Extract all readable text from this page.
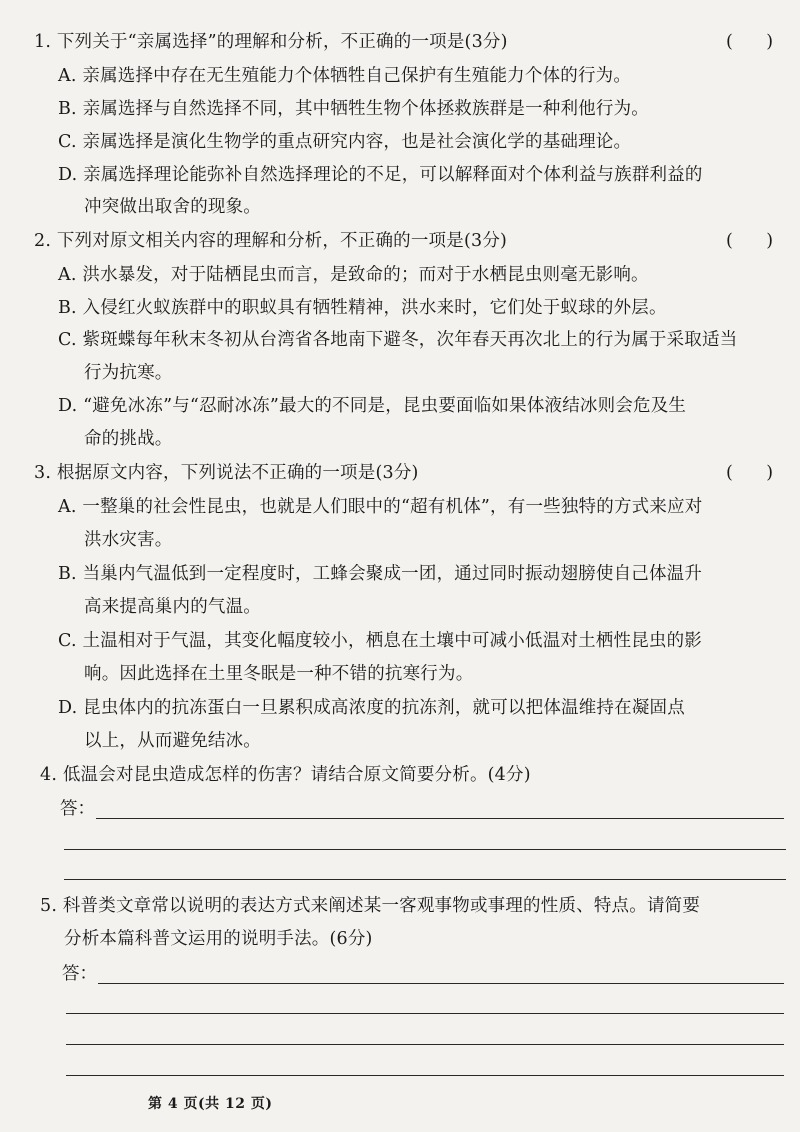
1. 下列关于“亲属选择”的理解和分析，不正确的一项是(3分)	(      )
A. 亲属选择中存在无生殖能力个体牺牲自己保护有生殖能力个体的行为。
B. 亲属选择与自然选择不同，其中牺牲生物个体拯救族群是一种利他行为。
C. 亲属选择是演化生物学的重点研究内容，也是社会演化学的基础理论。
D. 亲属选择理论能弥补自然选择理论的不足，可以解释面对个体利益与族群利益的
冲突做出取舍的现象。
2. 下列对原文相关内容的理解和分析，不正确的一项是(3分)	(      )
A. 洪水暴发，对于陆栖昆虫而言，是致命的；而对于水栖昆虫则毫无影响。
B. 入侵红火蚁族群中的职蚁具有牺牲精神，洪水来时，它们处于蚁球的外层。
C. 紫斑蝶每年秋末冬初从台湾省各地南下避冬，次年春天再次北上的行为属于采取适当
行为抗寒。
D. “避免冰冻”与“忍耐冰冻”最大的不同是，昆虫要面临如果体液结冰则会危及生
命的挑战。
3. 根据原文内容，下列说法不正确的一项是(3分)	(      )
A. 一整巢的社会性昆虫，也就是人们眼中的“超有机体”，有一些独特的方式来应对
洪水灾害。
B. 当巢内气温低到一定程度时，工蜂会聚成一团，通过同时振动翅膀使自己体温升
高来提高巢内的气温。
C. 土温相对于气温，其变化幅度较小，栖息在土壤中可减小低温对土栖性昆虫的影
响。因此选择在土里冬眠是一种不错的抗寒行为。
D. 昆虫体内的抗冻蛋白一旦累积成高浓度的抗冻剂，就可以把体温维持在凝固点
以上，从而避免结冰。
4. 低温会对昆虫造成怎样的伤害？请结合原文简要分析。(4分)
答：
5. 科普类文章常以说明的表达方式来阐述某一客观事物或事理的性质、特点。请简要
分析本篇科普文运用的说明手法。(6分)
答：
第 4 页(共 12 页)
